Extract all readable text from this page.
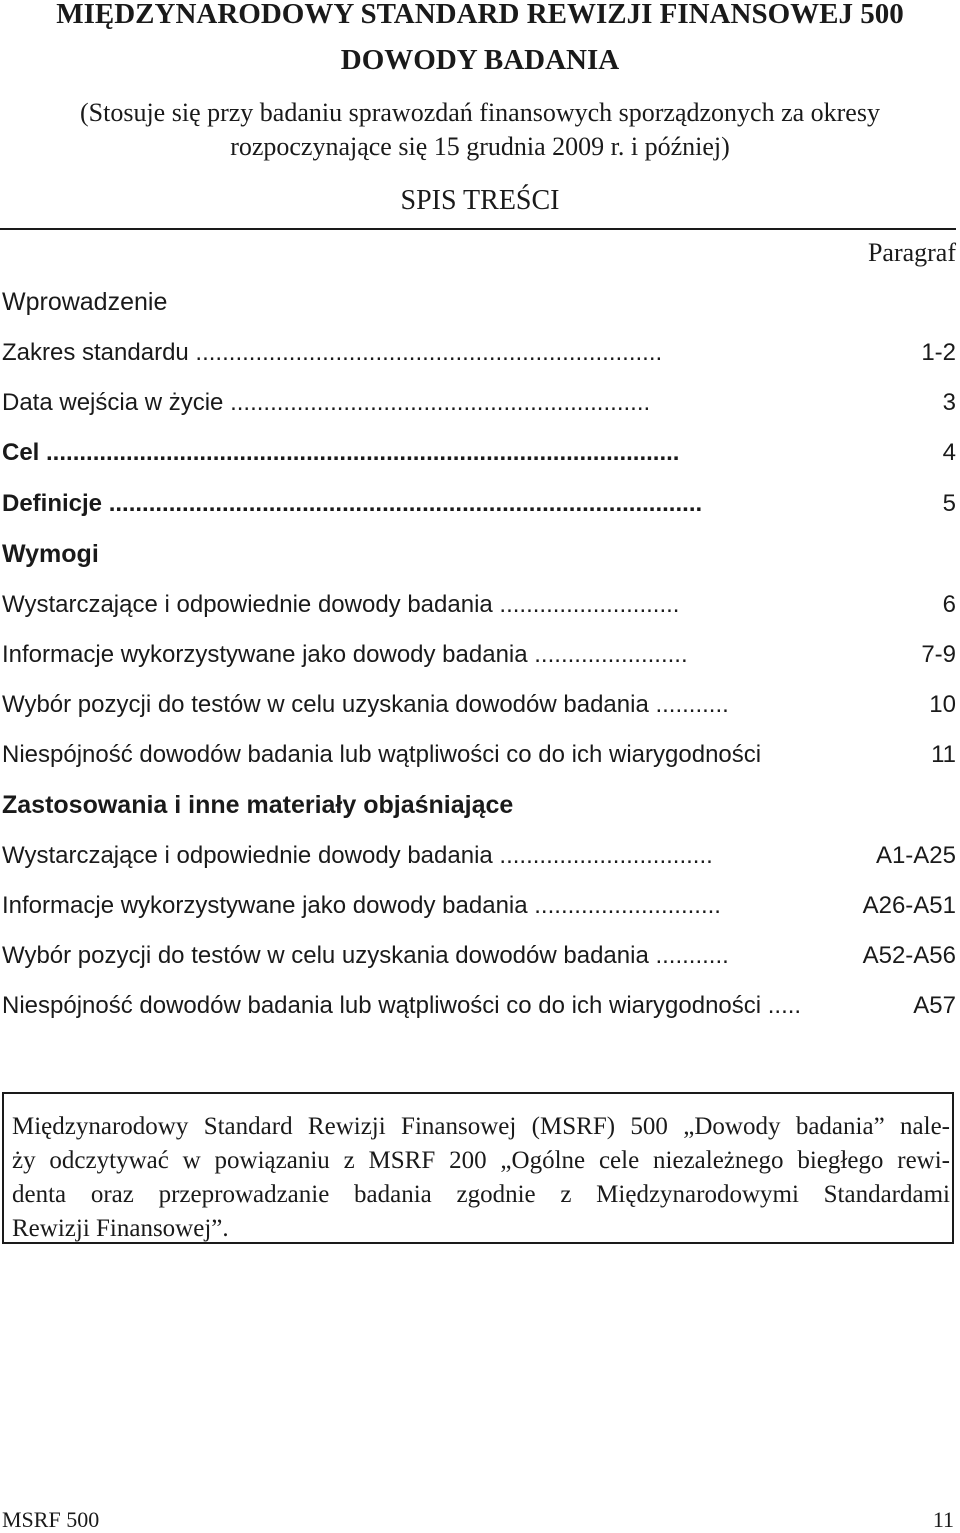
MIĘDZYNARODOWY STANDARD REWIZJI FINANSOWEJ 500
DOWODY BADANIA

(Stosuje się przy badaniu sprawozdań finansowych sporządzonych za okresy
rozpoczynające się 15 grudnia 2009 r. i później)

SPIS TREŚCI
Paragraf
Wprowadzenie
Zakres standardu ......................................................................	1-2
Data wejścia w życie ...............................................................	3
Cel ...............................................................................................	4
Definicje .........................................................................................	5
Wymogi
Wystarczające i odpowiednie dowody badania ...........................	6
Informacje wykorzystywane jako dowody badania .......................	7-9
Wybór pozycji do testów w celu uzyskania dowodów badania ...........	10
Niespójność dowodów badania lub wątpliwości co do ich wiarygodności	11
Zastosowania i inne materiały objaśniające
Wystarczające i odpowiednie dowody badania ................................	A1-A25
Informacje wykorzystywane jako dowody badania ............................	A26-A51
Wybór pozycji do testów w celu uzyskania dowodów badania ...........	A52-A56
Niespójność dowodów badania lub wątpliwości co do ich wiarygodności .....	A57

Międzynarodowy Standard Rewizji Finansowej (MSRF) 500 „Dowody badania” nale-
ży odczytywać w powiązaniu z MSRF 200 „Ogólne cele niezależnego biegłego rewi-
denta oraz przeprowadzanie badania zgodnie z Międzynarodowymi Standardami
Rewizji Finansowej”.

MSRF 500	11
